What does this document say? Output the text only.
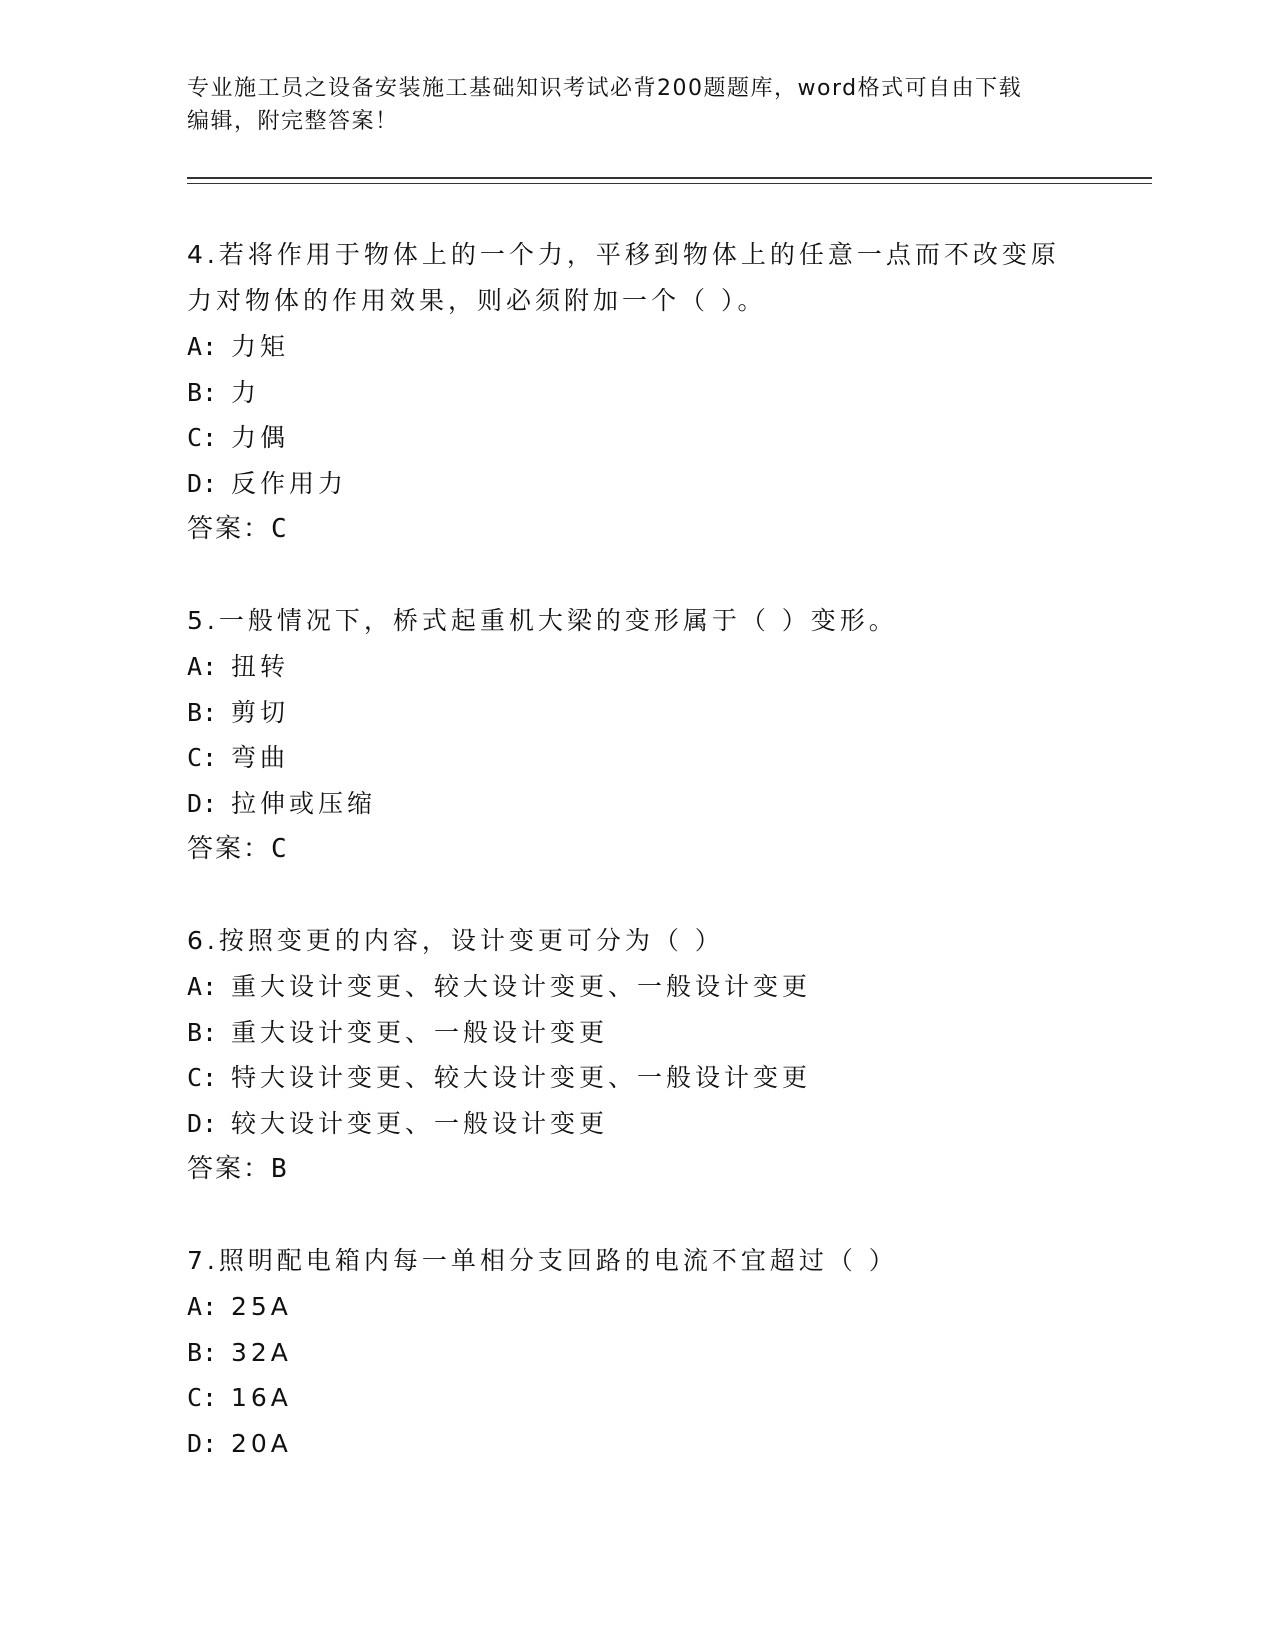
专业施工员之设备安装施工基础知识考试必背200题题库，word格式可自由下载
编辑，附完整答案！
4.若将作用于物体上的一个力，平移到物体上的任意一点而不改变原
力对物体的作用效果，则必须附加一个（ ）。
A: 力矩
B: 力
C: 力偶
D: 反作用力
答案：C
5.一般情况下，桥式起重机大梁的变形属于（ ）变形。
A: 扭转
B: 剪切
C: 弯曲
D: 拉伸或压缩
答案：C
6.按照变更的内容，设计变更可分为（ ）
A: 重大设计变更、较大设计变更、一般设计变更
B: 重大设计变更、一般设计变更
C: 特大设计变更、较大设计变更、一般设计变更
D: 较大设计变更、一般设计变更
答案：B
7.照明配电箱内每一单相分支回路的电流不宜超过（ ）
A: 25A
B: 32A
C: 16A
D: 20A
